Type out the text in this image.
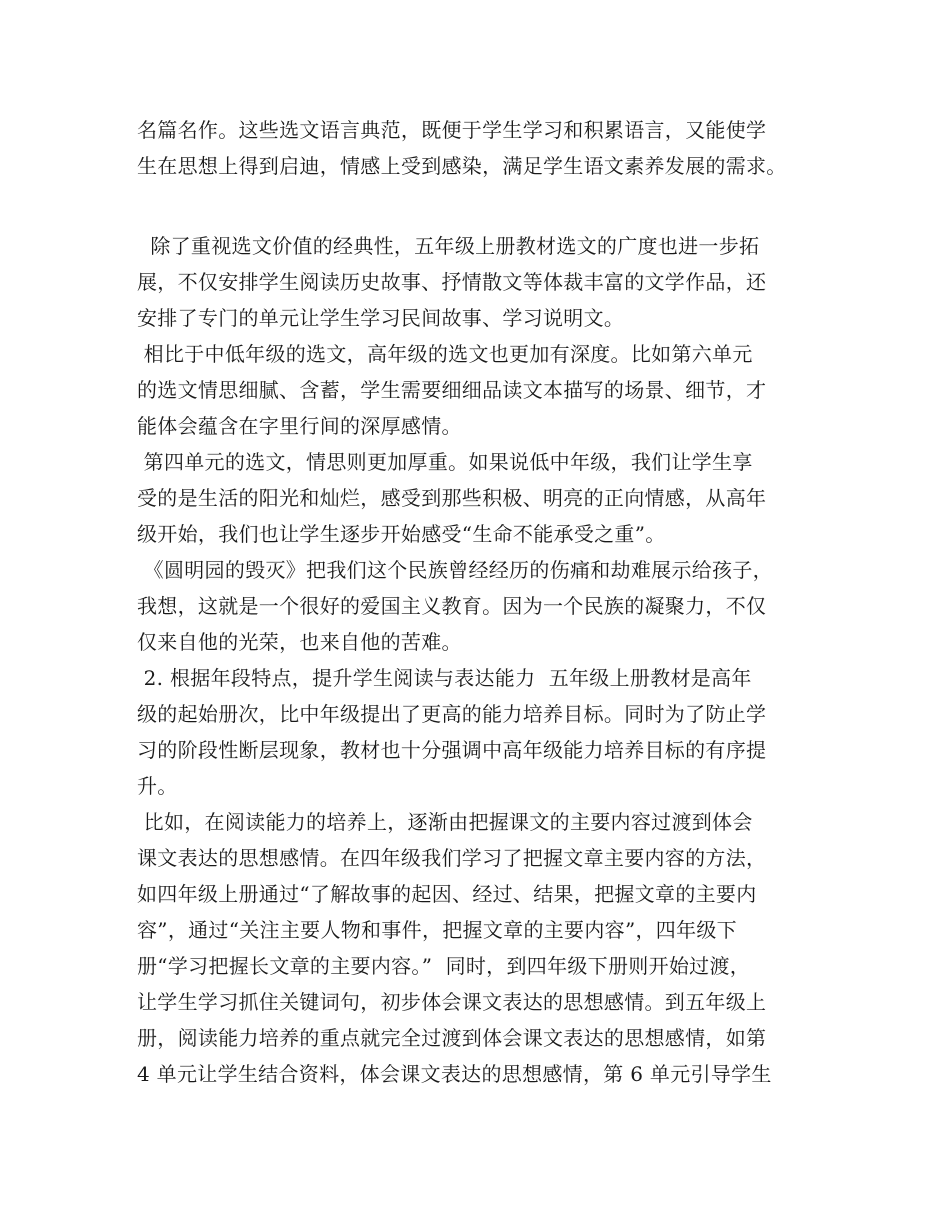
名篇名作。这些选文语言典范，既便于学生学习和积累语言，又能使学
生在思想上得到启迪，情感上受到感染，满足学生语文素养发展的需求。
除了重视选文价值的经典性，五年级上册教材选文的广度也进一步拓
展，不仅安排学生阅读历史故事、抒情散文等体裁丰富的文学作品，还
安排了专门的单元让学生学习民间故事、学习说明文。
相比于中低年级的选文，高年级的选文也更加有深度。比如第六单元
的选文情思细腻、含蓄，学生需要细细品读文本描写的场景、细节，才
能体会蕴含在字里行间的深厚感情。
第四单元的选文，情思则更加厚重。如果说低中年级，我们让学生享
受的是生活的阳光和灿烂，感受到那些积极、明亮的正向情感，从高年
级开始，我们也让学生逐步开始感受“生命不能承受之重”。
《圆明园的毁灭》把我们这个民族曾经经历的伤痛和劫难展示给孩子，
我想，这就是一个很好的爱国主义教育。因为一个民族的凝聚力，不仅
仅来自他的光荣，也来自他的苦难。
2. 根据年段特点，提升学生阅读与表达能力  五年级上册教材是高年
级的起始册次，比中年级提出了更高的能力培养目标。同时为了防止学
习的阶段性断层现象，教材也十分强调中高年级能力培养目标的有序提
升。
比如，在阅读能力的培养上，逐渐由把握课文的主要内容过渡到体会
课文表达的思想感情。在四年级我们学习了把握文章主要内容的方法，
如四年级上册通过“了解故事的起因、经过、结果，把握文章的主要内
容”，通过“关注主要人物和事件，把握文章的主要内容”，四年级下
册“学习把握长文章的主要内容。”  同时，到四年级下册则开始过渡，
让学生学习抓住关键词句，初步体会课文表达的思想感情。到五年级上
册，阅读能力培养的重点就完全过渡到体会课文表达的思想感情，如第
4 单元让学生结合资料，体会课文表达的思想感情，第 6 单元引导学生
